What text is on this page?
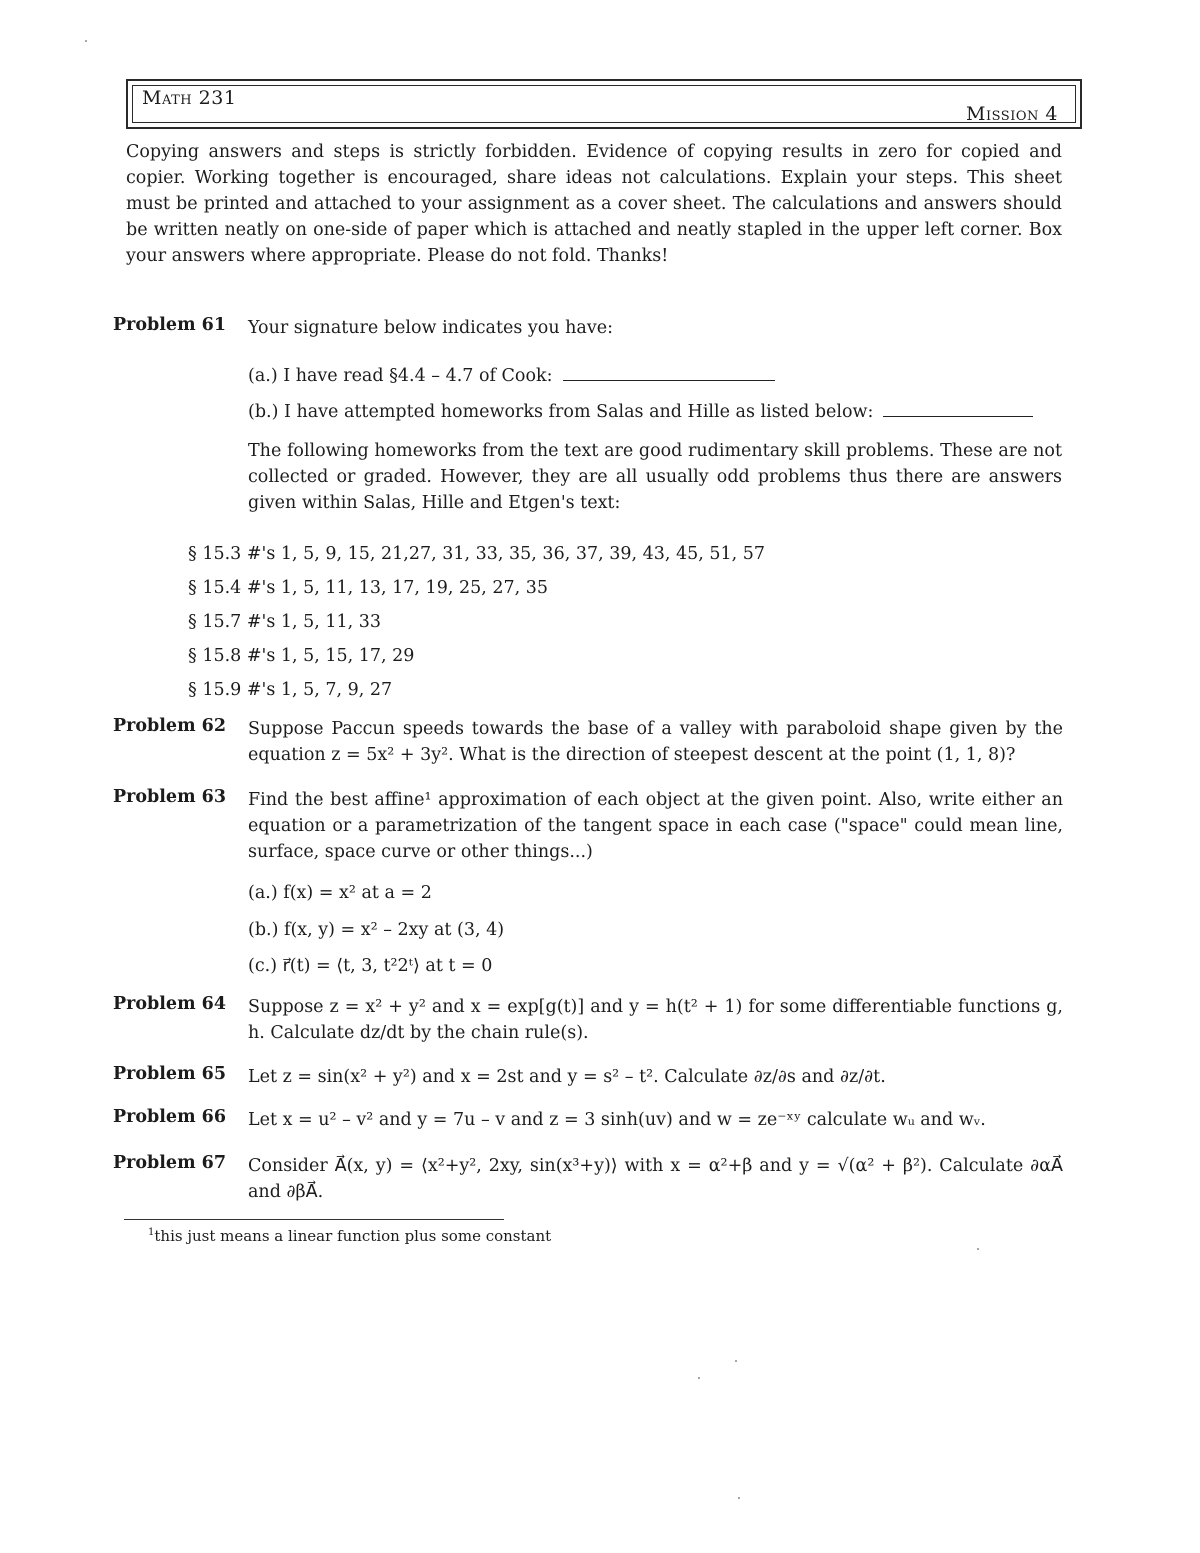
Math 231
Mission 4
Copying answers and steps is strictly forbidden. Evidence of copying results in zero for copied and copier. Working together is encouraged, share ideas not calculations. Explain your steps. This sheet must be printed and attached to your assignment as a cover sheet. The calculations and answers should be written neatly on one-side of paper which is attached and neatly stapled in the upper left corner. Box your answers where appropriate. Please do not fold. Thanks!
Problem 61 Your signature below indicates you have:
(a.) I have read §4.4 – 4.7 of Cook:
(b.) I have attempted homeworks from Salas and Hille as listed below:
The following homeworks from the text are good rudimentary skill problems. These are not collected or graded. However, they are all usually odd problems thus there are answers given within Salas, Hille and Etgen's text:
§ 15.3 #'s 1, 5, 9, 15, 21,27, 31, 33, 35, 36, 37, 39, 43, 45, 51, 57
§ 15.4 #'s 1, 5, 11, 13, 17, 19, 25, 27, 35
§ 15.7 #'s 1, 5, 11, 33
§ 15.8 #'s 1, 5, 15, 17, 29
§ 15.9 #'s 1, 5, 7, 9, 27
Problem 62 Suppose Paccun speeds towards the base of a valley with paraboloid shape given by the equation z = 5x² + 3y². What is the direction of steepest descent at the point (1, 1, 8)?
Problem 63 Find the best affine¹ approximation of each object at the given point. Also, write either an equation or a parametrization of the tangent space in each case ("space" could mean line, surface, space curve or other things...)
(a.) f(x) = x² at a = 2
(b.) f(x, y) = x² – 2xy at (3, 4)
(c.) r⃗(t) = ⟨t, 3, t²2ᵗ⟩ at t = 0
Problem 64 Suppose z = x² + y² and x = exp[g(t)] and y = h(t² + 1) for some differentiable functions g, h. Calculate dz/dt by the chain rule(s).
Problem 65 Let z = sin(x² + y²) and x = 2st and y = s² – t². Calculate ∂z/∂s and ∂z/∂t.
Problem 66 Let x = u² – v² and y = 7u – v and z = 3 sinh(uv) and w = ze⁻ˣʸ calculate wᵤ and wᵥ.
Problem 67 Consider A⃗(x, y) = ⟨x²+y², 2xy, sin(x³+y)⟩ with x = α²+β and y = √(α² + β²). Calculate ∂αA⃗ and ∂βA⃗.
$^1$this just means a linear function plus some constant
